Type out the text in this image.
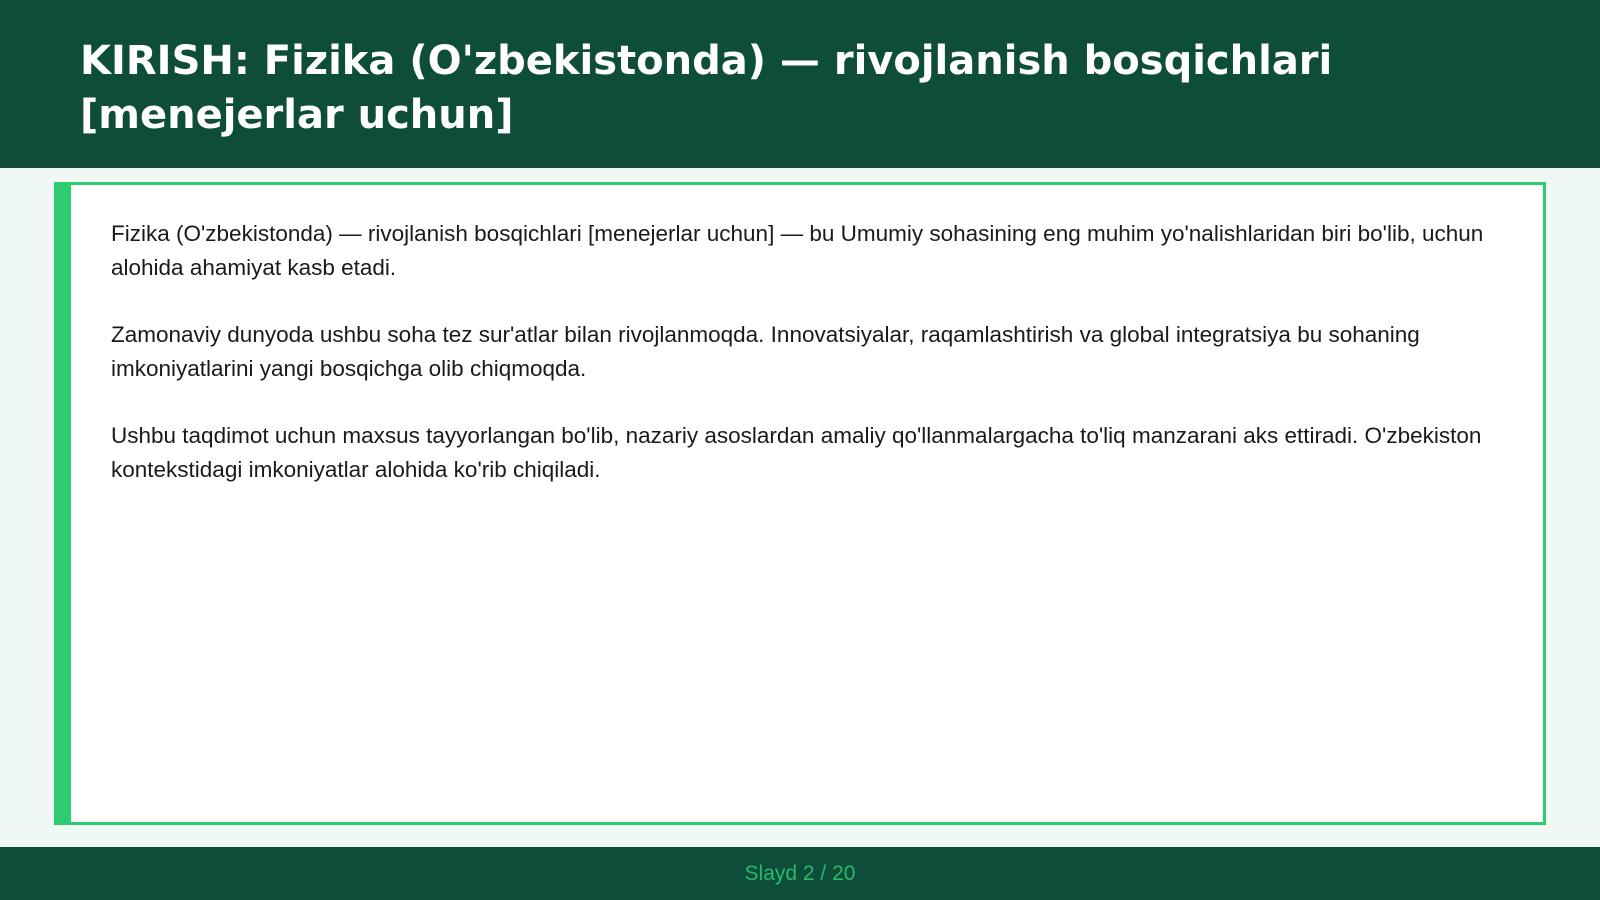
KIRISH: Fizika (O'zbekistonda) — rivojlanish bosqichlari [menejerlar uchun]

Fizika (O'zbekistonda) — rivojlanish bosqichlari [menejerlar uchun] — bu Umumiy sohasining eng muhim yo'nalishlaridan biri bo'lib, uchun alohida ahamiyat kasb etadi.

Zamonaviy dunyoda ushbu soha tez sur'atlar bilan rivojlanmoqda. Innovatsiyalar, raqamlashtirish va global integratsiya bu sohaning imkoniyatlarini yangi bosqichga olib chiqmoqda.

Ushbu taqdimot uchun maxsus tayyorlangan bo'lib, nazariy asoslardan amaliy qo'llanmalargacha to'liq manzarani aks ettiradi. O'zbekiston kontekstidagi imkoniyatlar alohida ko'rib chiqiladi.

Slayd 2 / 20
